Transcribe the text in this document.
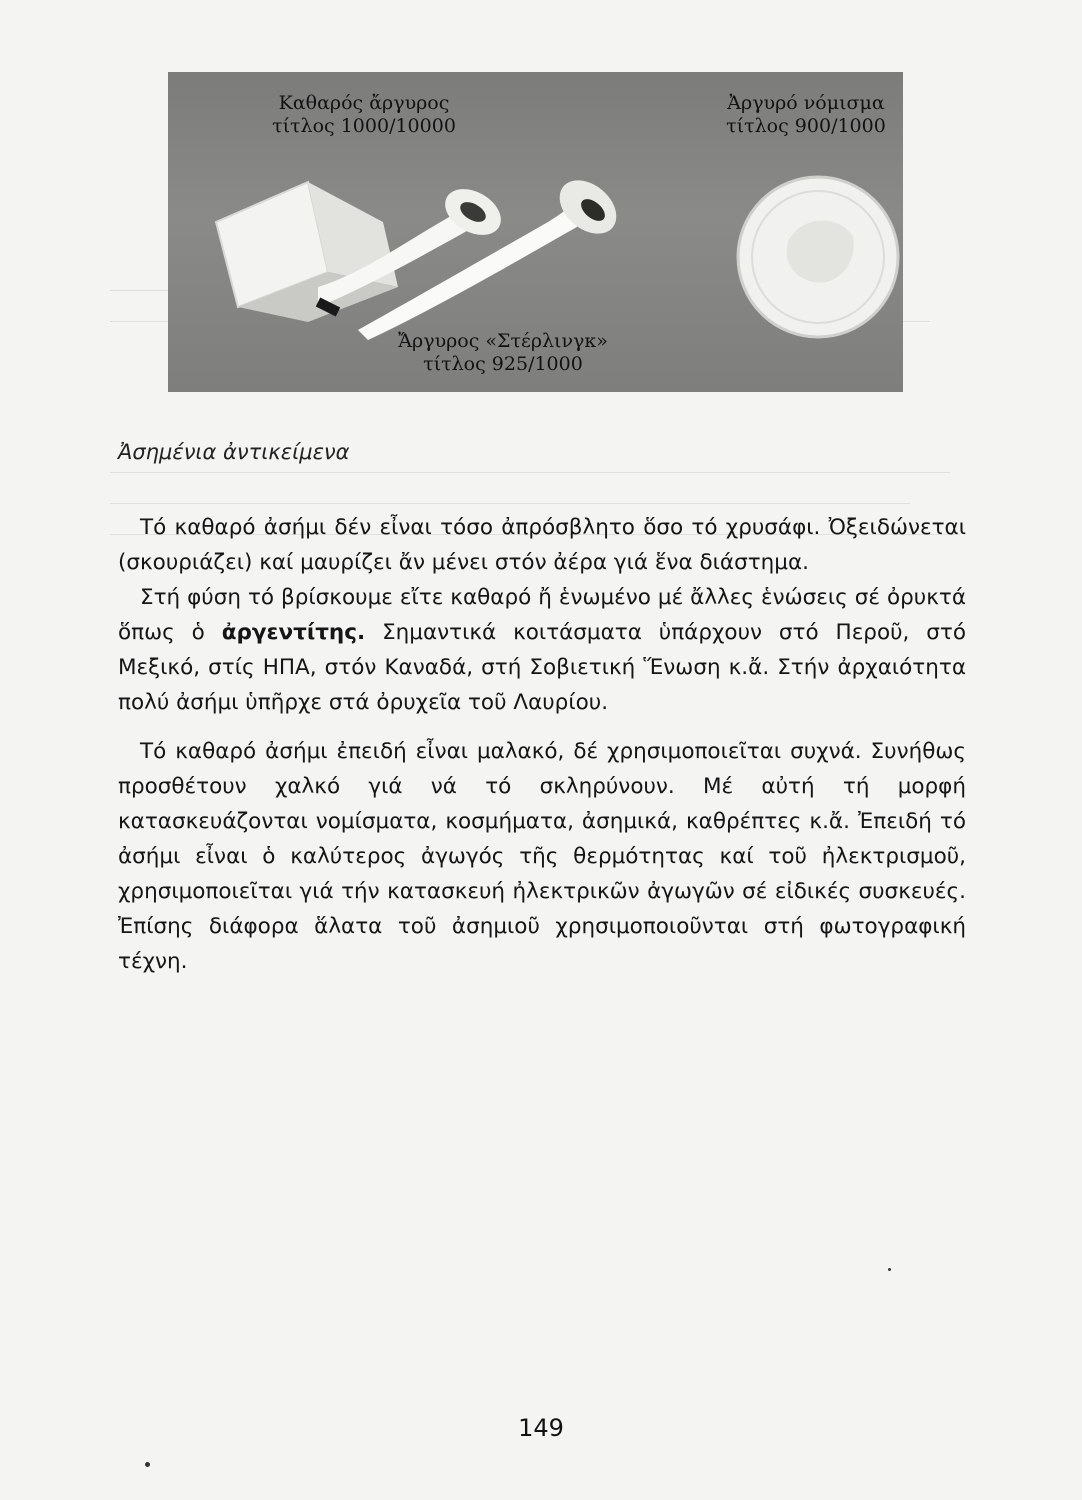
Καθαρός ἄργυρος
τίτλος 1000/10000
Ἀργυρό νόμισμα
τίτλος 900/1000
Ἄργυρος «Στέρλινγκ»
τίτλος 925/1000
Ἀσημένια ἀντικείμενα

Τό καθαρό ἀσήμι δέν εἶναι τόσο ἀπρόσβλητο ὅσο τό χρυσάφι. Ὀξειδώνεται (σκουριάζει) καί μαυρίζει ἄν μένει στόν ἀέρα γιά ἕνα διάστημα.

Στή φύση τό βρίσκουμε εἴτε καθαρό ἤ ἑνωμένο μέ ἄλλες ἑνώσεις σέ ὀρυκτά ὅπως ὁ ἀργεντίτης. Σημαντικά κοιτάσματα ὑπάρχουν στό Περοῦ, στό Μεξικό, στίς ΗΠΑ, στόν Καναδά, στή Σοβιετική Ἕνωση κ.ἄ. Στήν ἀρχαιότητα πολύ ἀσήμι ὑπῆρχε στά ὀρυχεῖα τοῦ Λαυρίου.

Τό καθαρό ἀσήμι ἐπειδή εἶναι μαλακό, δέ χρησιμοποιεῖται συχνά. Συνήθως προσθέτουν χαλκό γιά νά τό σκληρύνουν. Μέ αὐτή τή μορφή κατασκευάζονται νομίσματα, κοσμήματα, ἀσημικά, καθρέπτες κ.ἄ. Ἐπειδή τό ἀσήμι εἶναι ὁ καλύτερος ἀγωγός τῆς θερμότητας καί τοῦ ἠλεκτρισμοῦ, χρησιμοποιεῖται γιά τήν κατασκευή ἠλεκτρικῶν ἀγωγῶν σέ εἰδικές συσκευές. Ἐπίσης διάφορα ἅλατα τοῦ ἀσημιοῦ χρησιμοποιοῦνται στή φωτογραφική τέχνη.

149
